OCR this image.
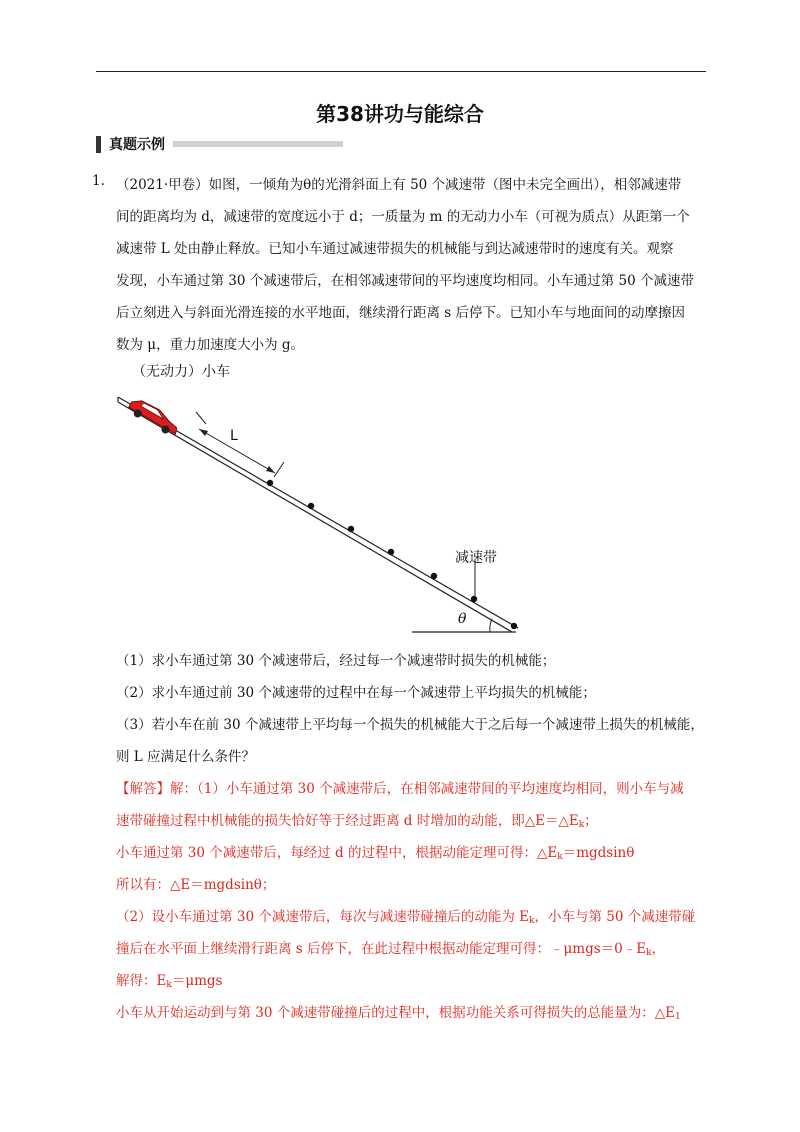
第38讲功与能综合
真题示例
1. （2021·甲卷）如图，一倾角为θ的光滑斜面上有 50 个减速带（图中未完全画出），相邻减速带
间的距离均为 d，减速带的宽度远小于 d；一质量为 m 的无动力小车（可视为质点）从距第一个
减速带 L 处由静止释放。已知小车通过减速带损失的机械能与到达减速带时的速度有关。观察
发现，小车通过第 30 个减速带后，在相邻减速带间的平均速度均相同。小车通过第 50 个减速带
后立刻进入与斜面光滑连接的水平地面，继续滑行距离 s 后停下。已知小车与地面间的动摩擦因
数为 μ，重力加速度大小为 g。
（无动力）小车
θ
L
减速带
（1）求小车通过第 30 个减速带后，经过每一个减速带时损失的机械能；
（2）求小车通过前 30 个减速带的过程中在每一个减速带上平均损失的机械能；
（3）若小车在前 30 个减速带上平均每一个损失的机械能大于之后每一个减速带上损失的机械能，
则 L 应满足什么条件？
【解答】解：（1）小车通过第 30 个减速带后，在相邻减速带间的平均速度均相同，则小车与减
速带碰撞过程中机械能的损失恰好等于经过距离 d 时增加的动能，即$\triangle E=\triangle E_k$；
小车通过第 30 个减速带后，每经过 d 的过程中，根据动能定理可得：$\triangle E_k=mgdsin\theta$
所以有：△E＝mgdsinθ；
（2）设小车通过第 30 个减速带后，每次与减速带碰撞后的动能为 $E_k$，小车与第 50 个减速带碰
撞后在水平面上继续滑行距离 s 后停下，在此过程中根据动能定理可得：$﹣\mu mgs=0﹣E_k$，
解得：$E_k=\mu mgs$
小车从开始运动到与第 30 个减速带碰撞后的过程中，根据功能关系可得损失的总能量为：$\triangle E_1$
